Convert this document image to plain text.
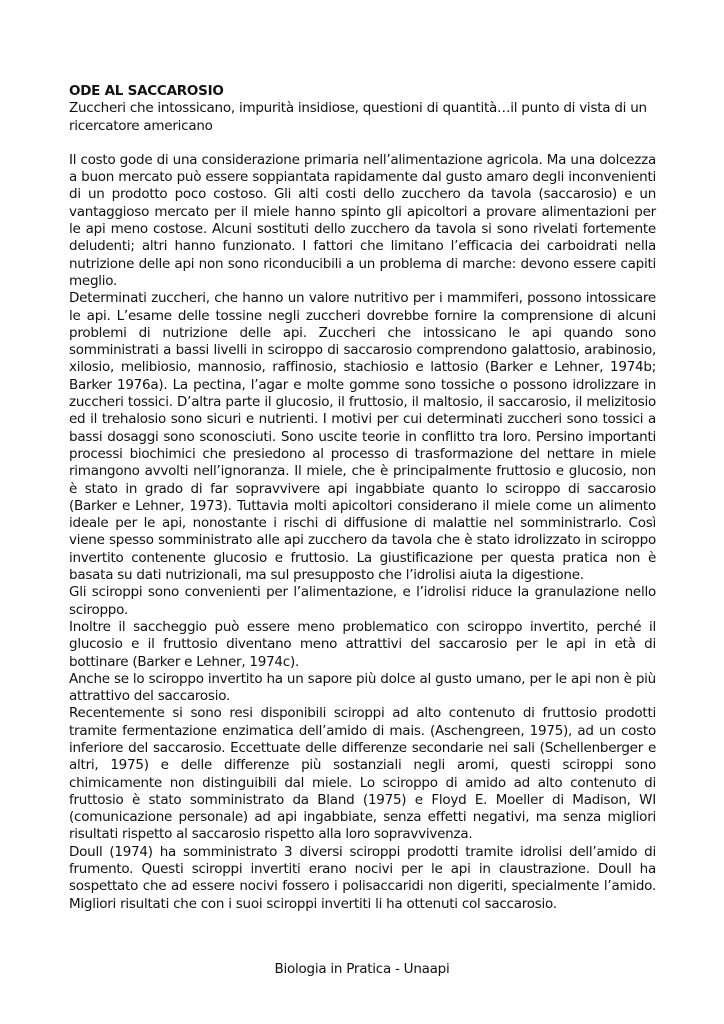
ODE AL SACCAROSIO
Zuccheri che intossicano, impurità insidiose, questioni di quantità…il punto di vista di un ricercatore americano

Il costo gode di una considerazione primaria nell’alimentazione agricola. Ma una dolcezza a buon mercato può essere soppiantata rapidamente dal gusto amaro degli inconvenienti di un prodotto poco costoso. Gli alti costi dello zucchero da tavola (saccarosio) e un vantaggioso mercato per il miele hanno spinto gli apicoltori a provare alimentazioni per le api meno costose. Alcuni sostituti dello zucchero da tavola si sono rivelati fortemente deludenti; altri hanno funzionato. I fattori che limitano l’efficacia dei carboidrati nella nutrizione delle api non sono riconducibili a un problema di marche: devono essere capiti meglio.

Determinati zuccheri, che hanno un valore nutritivo per i mammiferi, possono intossicare le api. L’esame delle tossine negli zuccheri dovrebbe fornire la comprensione di alcuni problemi di nutrizione delle api. Zuccheri che intossicano le api quando sono somministrati a bassi livelli in sciroppo di saccarosio comprendono galattosio, arabinosio, xilosio, melibiosio, mannosio, raffinosio, stachiosio e lattosio (Barker e Lehner, 1974b; Barker 1976a). La pectina, l’agar e molte gomme sono tossiche o possono idrolizzare in zuccheri tossici. D’altra parte il glucosio, il fruttosio, il maltosio, il saccarosio, il melizitosio ed il trehalosio sono sicuri e nutrienti. I motivi per cui determinati zuccheri sono tossici a bassi dosaggi sono sconosciuti. Sono uscite teorie in conflitto tra loro. Persino importanti processi biochimici che presiedono al processo di trasformazione del nettare in miele rimangono avvolti nell’ignoranza. Il miele, che è principalmente fruttosio e glucosio, non è stato in grado di far sopravvivere api ingabbiate quanto lo sciroppo di saccarosio (Barker e Lehner, 1973). Tuttavia molti apicoltori considerano il miele come un alimento ideale per le api, nonostante i rischi di diffusione di malattie nel somministrarlo. Così viene spesso somministrato alle api zucchero da tavola che è stato idrolizzato in sciroppo invertito contenente glucosio e fruttosio. La giustificazione per questa pratica non è basata su dati nutrizionali, ma sul presupposto che l’idrolisi aiuta la digestione.

Gli sciroppi sono convenienti per l’alimentazione, e l’idrolisi riduce la granulazione nello sciroppo.

Inoltre il saccheggio può essere meno problematico con sciroppo invertito, perché il glucosio e il fruttosio diventano meno attrattivi del saccarosio per le api in età di bottinare (Barker e Lehner, 1974c).

Anche se lo sciroppo invertito ha un sapore più dolce al gusto umano, per le api non è più attrattivo del saccarosio.

Recentemente si sono resi disponibili sciroppi ad alto contenuto di fruttosio prodotti tramite fermentazione enzimatica dell’amido di mais. (Aschengreen, 1975), ad un costo inferiore del saccarosio. Eccettuate delle differenze secondarie nei sali (Schellenberger e altri, 1975) e delle differenze più sostanziali negli aromi, questi sciroppi sono chimicamente non distinguibili dal miele. Lo sciroppo di amido ad alto contenuto di fruttosio è stato somministrato da Bland (1975) e Floyd E. Moeller di Madison, WI (comunicazione personale) ad api ingabbiate, senza effetti negativi, ma senza migliori risultati rispetto al saccarosio rispetto alla loro sopravvivenza.

Doull (1974) ha somministrato 3 diversi sciroppi prodotti tramite idrolisi dell’amido di frumento. Questi sciroppi invertiti erano nocivi per le api in claustrazione. Doull ha sospettato che ad essere nocivi fossero i polisaccaridi non digeriti, specialmente l’amido. Migliori risultati che con i suoi sciroppi invertiti li ha ottenuti col saccarosio.

Biologia in Pratica - Unaapi
